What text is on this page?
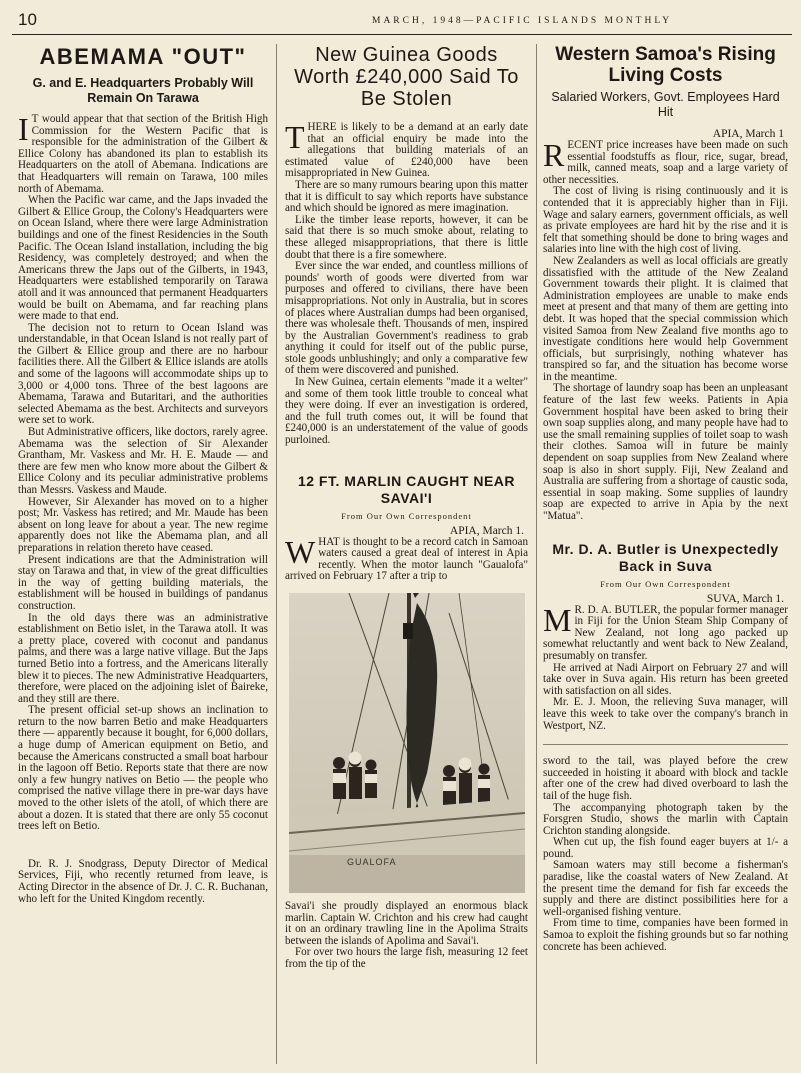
10	MARCH, 1948—PACIFIC ISLANDS MONTHLY
ABEMAMA "OUT"
G. and E. Headquarters Probably Will Remain On Tarawa

I T would appear that that section of the British High Commission for the Western Pacific that is responsible for the administration of the Gilbert & Ellice Colony has abandoned its plan to establish its Headquarters on the atoll of Abemana. Indications are that Headquarters will remain on Tarawa, 100 miles north of Abemama.

When the Pacific war came, and the Japs invaded the Gilbert & Ellice Group, the Colony's Headquarters were on Ocean Island, where there were large Administration buildings and one of the finest Residencies in the South Pacific. The Ocean Island installation, including the big Residency, was completely destroyed; and when the Americans threw the Japs out of the Gilberts, in 1943, Headquarters were established temporarily on Tarawa atoll and it was announced that permanent Headquarters would be built on Abemama, and far reaching plans were made to that end.

The decision not to return to Ocean Island was understandable, in that Ocean Island is not really part of the Gilbert & Ellice group and there are no harbour facilities there. All the Gilbert & Ellice islands are atolls and some of the lagoons will accommodate ships up to 3,000 or 4,000 tons. Three of the best lagoons are Abemama, Tarawa and Butaritari, and the authorities selected Abemama as the best. Architects and surveyors were set to work.

But Administrative officers, like doctors, rarely agree. Abemama was the selection of Sir Alexander Grantham, Mr. Vaskess and Mr. H. E. Maude — and there are few men who know more about the Gilbert & Ellice Colony and its peculiar administrative problems than Messrs. Vaskess and Maude.

However, Sir Alexander has moved on to a higher post; Mr. Vaskess has retired; and Mr. Maude has been absent on long leave for about a year. The new regime apparently does not like the Abemama plan, and all preparations in relation thereto have ceased.

Present indications are that the Administration will stay on Tarawa and that, in view of the great difficulties in the way of getting building materials, the establishment will be housed in buildings of pandanus construction.

In the old days there was an administrative establishment on Betio islet, in the Tarawa atoll. It was a pretty place, covered with coconut and pandanus palms, and there was a large native village. But the Japs turned Betio into a fortress, and the Americans literally blew it to pieces. The new Administrative Headquarters, therefore, were placed on the adjoining islet of Baireke, and they still are there.

The present official set-up shows an inclination to return to the now barren Betio and make Headquarters there — apparently because it bought, for 6,000 dollars, a huge dump of American equipment on Betio, and because the Americans constructed a small boat harbour in the lagoon off Betio. Reports state that there are now only a few hungry natives on Betio — the people who comprised the native village there in pre-war days have moved to the other islets of the atoll, of which there are about a dozen. It is stated that there are only 55 coconut trees left on Betio.

Dr. R. J. Snodgrass, Deputy Director of Medical Services, Fiji, who recently returned from leave, is Acting Director in the absence of Dr. J. C. R. Buchanan, who left for the United Kingdom recently.

New Guinea Goods Worth £240,000 Said To Be Stolen

THERE is likely to be a demand at an early date that an official enquiry be made into the allegations that building materials of an estimated value of £240,000 have been misappropriated in New Guinea.

There are so many rumours bearing upon this matter that it is difficult to say which reports have substance and which should be ignored as mere imagination.

Like the timber lease reports, however, it can be said that there is so much smoke about, relating to these alleged misappropriations, that there is little doubt that there is a fire somewhere.

Ever since the war ended, and countless millions of pounds' worth of goods were diverted from war purposes and offered to civilians, there have been misappropriations. Not only in Australia, but in scores of places where Australian dumps had been organised, there was wholesale theft. Thousands of men, inspired by the Australian Government's readiness to grab anything it could for itself out of the public purse, stole goods unblushingly; and only a comparative few of them were discovered and punished.

In New Guinea, certain elements "made it a welter" and some of them took little trouble to conceal what they were doing. If ever an investigation is ordered, and the full truth comes out, it will be found that £240,000 is an understatement of the value of goods purloined.

12 FT. MARLIN CAUGHT NEAR SAVAI'I
From Our Own Correspondent
APIA, March 1.

WHAT is thought to be a record catch in Samoan waters caused a great deal of interest in Apia recently. When the motor launch "Gaualofa" arrived on February 17 after a trip to

GUALOFA

Savai'i she proudly displayed an enormous black marlin. Captain W. Crichton and his crew had caught it on an ordinary trawling line in the Apolima Straits between the islands of Apolima and Savai'i.

For over two hours the large fish, measuring 12 feet from the tip of the

Western Samoa's Rising Living Costs
Salaried Workers, Govt. Employees Hard Hit
APIA, March 1

RECENT price increases have been made on such essential foodstuffs as flour, rice, sugar, bread, milk, canned meats, soap and a large variety of other necessities.

The cost of living is rising continuously and it is contended that it is appreciably higher than in Fiji. Wage and salary earners, government officials, as well as private employees are hard hit by the rise and it is felt that something should be done to bring wages and salaries into line with the high cost of living.

New Zealanders as well as local officials are greatly dissatisfied with the attitude of the New Zealand Government towards their plight. It is claimed that Administration employees are unable to make ends meet at present and that many of them are getting into debt. It was hoped that the special commission which visited Samoa from New Zealand five months ago to investigate conditions here would help Government officials, but surprisingly, nothing whatever has transpired so far, and the situation has become worse in the meantime.

The shortage of laundry soap has been an unpleasant feature of the last few weeks. Patients in Apia Government hospital have been asked to bring their own soap supplies along, and many people have had to use the small remaining supplies of toilet soap to wash their clothes. Samoa will in future be mainly dependent on soap supplies from New Zealand where soap is also in short supply. Fiji, New Zealand and Australia are suffering from a shortage of caustic soda, essential in soap making. Some supplies of laundry soap are expected to arrive in Apia by the next "Matua".

Mr. D. A. Butler is Unexpectedly Back in Suva
From Our Own Correspondent
SUVA, March 1.

M R. D. A. BUTLER, the popular former manager in Fiji for the Union Steam Ship Company of New Zealand, not long ago packed up somewhat reluctantly and went back to New Zealand, presumably on transfer.

He arrived at Nadi Airport on February 27 and will take over in Suva again. His return has been greeted with satisfaction on all sides.

Mr. E. J. Moon, the relieving Suva manager, will leave this week to take over the company's branch in Westport, NZ.

sword to the tail, was played before the crew succeeded in hoisting it aboard with block and tackle after one of the crew had dived overboard to lash the tail of the huge fish.

The accompanying photograph taken by the Forsgren Studio, shows the marlin with Captain Crichton standing alongside.

When cut up, the fish found eager buyers at 1/- a pound.

Samoan waters may still become a fisherman's paradise, like the coastal waters of New Zealand. At the present time the demand for fish far exceeds the supply and there are distinct possibilities here for a well-organised fishing venture.

From time to time, companies have been formed in Samoa to exploit the fishing grounds but so far nothing concrete has been achieved.
